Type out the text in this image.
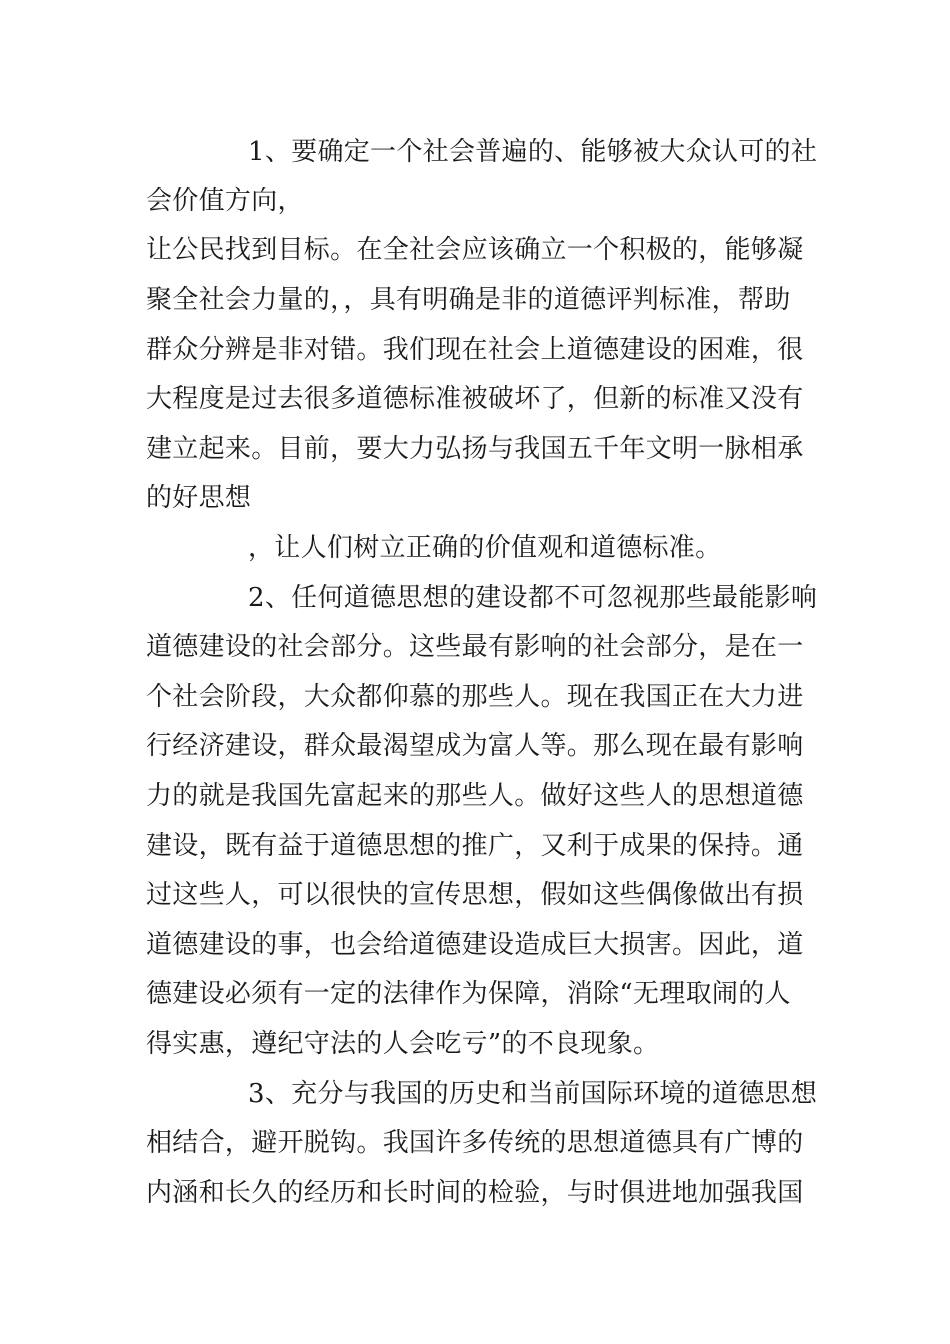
1、要确定一个社会普遍的、能够被大众认可的社
会价值方向，
让公民找到目标。在全社会应该确立一个积极的，能够凝
聚全社会力量的，，具有明确是非的道德评判标准，帮助
群众分辨是非对错。我们现在社会上道德建设的困难，很
大程度是过去很多道德标准被破坏了，但新的标准又没有
建立起来。目前，要大力弘扬与我国五千年文明一脉相承
的好思想
，让人们树立正确的价值观和道德标准。
2、任何道德思想的建设都不可忽视那些最能影响
道德建设的社会部分。这些最有影响的社会部分，是在一
个社会阶段，大众都仰慕的那些人。现在我国正在大力进
行经济建设，群众最渴望成为富人等。那么现在最有影响
力的就是我国先富起来的那些人。做好这些人的思想道德
建设，既有益于道德思想的推广，又利于成果的保持。通
过这些人，可以很快的宣传思想，假如这些偶像做出有损
道德建设的事，也会给道德建设造成巨大损害。因此，道
德建设必须有一定的法律作为保障，消除“无理取闹的人
得实惠，遵纪守法的人会吃亏”的不良现象。
3、充分与我国的历史和当前国际环境的道德思想
相结合，避开脱钩。我国许多传统的思想道德具有广博的
内涵和长久的经历和长时间的检验，与时俱进地加强我国
